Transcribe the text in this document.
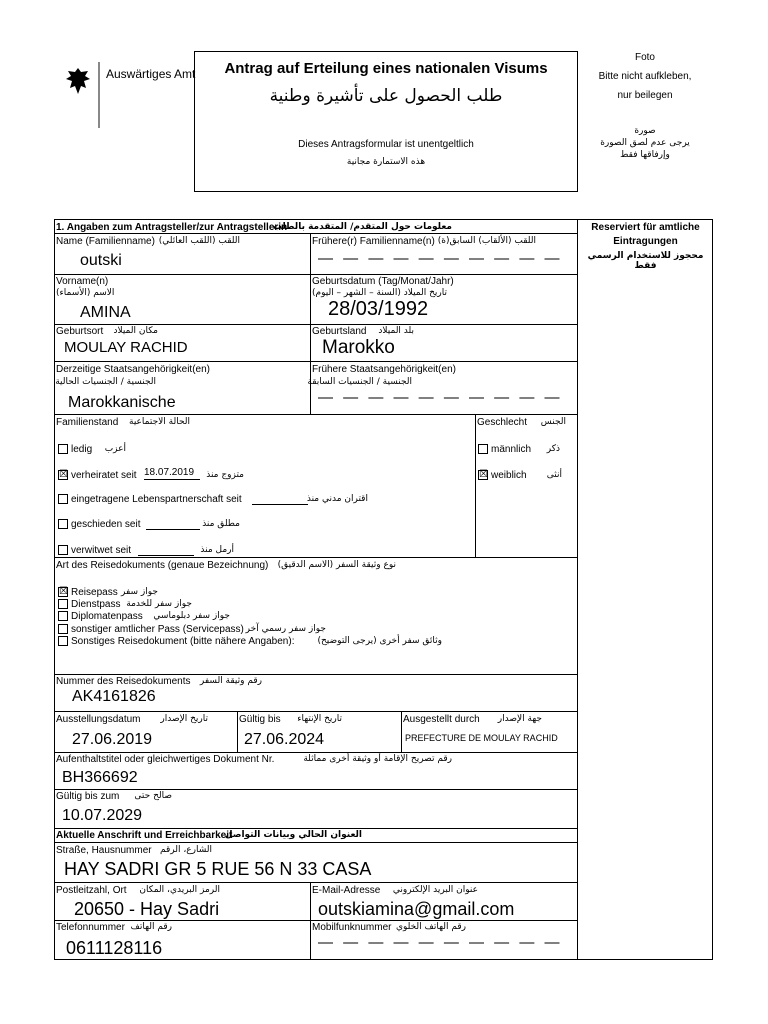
Auswärtiges Amt	Antrag auf Erteilung eines nationalen Visums
طلب الحصول على تأشيرة وطنية
Dieses Antragsformular ist unentgeltlich
هذه الاستمارة مجانية
Foto
Bitte nicht aufkleben,
nur beilegen
صورة
يرجى عدم لصق الصورة
وإرفاقها فقط
Reserviert für amtliche
Eintragungen
محجوز للاستخدام الرسمي فقط
1. Angaben zum Antragsteller/zur Antragstellerin
معلومات حول المتقدم/ المتقدمة بالطلب
Name (Familienname) اللقب (اللقب العائلي)
outski
Frühere(r) Familienname(n) اللقب (الألقاب) السابق(ة)
— — — — — — — — — —
Vorname(n)
الاسم (الأسماء)
AMINA
Geburtsdatum (Tag/Monat/Jahr)
تاريخ الميلاد (السنة – الشهر – اليوم)
28/03/1992
Geburtsort مكان الميلاد
MOULAY RACHID
Geburtsland	بلد الميلاد
Marokko
Derzeitige Staatsangehörigkeit(en)
الجنسية / الجنسيات الحالية
Marokkanische
Frühere Staatsangehörigkeit(en)
الجنسية / الجنسيات السابقة
— — — — — — — — — —
Familienstand	الحالة الاجتماعية
ledig	أعزب
☒ verheiratet seit 18.07.2019	متزوج منذ
eingetragene Lebenspartnerschaft seit	اقتران مدني منذ
geschieden seit	مطلق منذ
verwitwet seit	أرمل منذ
Geschlecht	الجنس
männlich	ذكر
☒ weiblich	أنثى
Art des Reisedokuments (genaue Bezeichnung) نوع وثيقة السفر (الاسم الدقيق)
☒ Reisepass جواز سفر
Dienstpass جواز سفر للخدمة
Diplomatenpass جواز سفر دبلوماسي
sonstiger amtlicher Pass (Servicepass) جواز سفر رسمي آخر
Sonstiges Reisedokument (bitte nähere Angaben):	وثائق سفر أخرى (يرجى التوضيح)
Nummer des Reisedokuments رقم وثيقة السفر
AK4161826
Ausstellungsdatum	تاريخ الإصدار
27.06.2019
Gültig bis	تاريخ الإنتهاء
27.06.2024
Ausgestellt durch	جهة الإصدار
PREFECTURE DE MOULAY RACHID
Aufenthaltstitel oder gleichwertiges Dokument Nr.	رقم تصريح الإقامة أو وثيقة أخرى مماثلة
BH366692
Gültig bis zum صالح حتى
10.07.2029
Aktuelle Anschrift und Erreichbarkeit
العنوان الحالي وبيانات التواصل
Straße, Hausnummer الشارع، الرقم
HAY SADRI GR 5 RUE 56 N 33 CASA
Postleitzahl, Ort الرمز البريدي، المكان
20650 - Hay Sadri
E-Mail-Adresse	عنوان البريد الإلكتروني
outskiamina@gmail.com
Telefonnummer رقم الهاتف
0611128116
Mobilfunknummer رقم الهاتف الخلوي
— — — — — — — — — —
